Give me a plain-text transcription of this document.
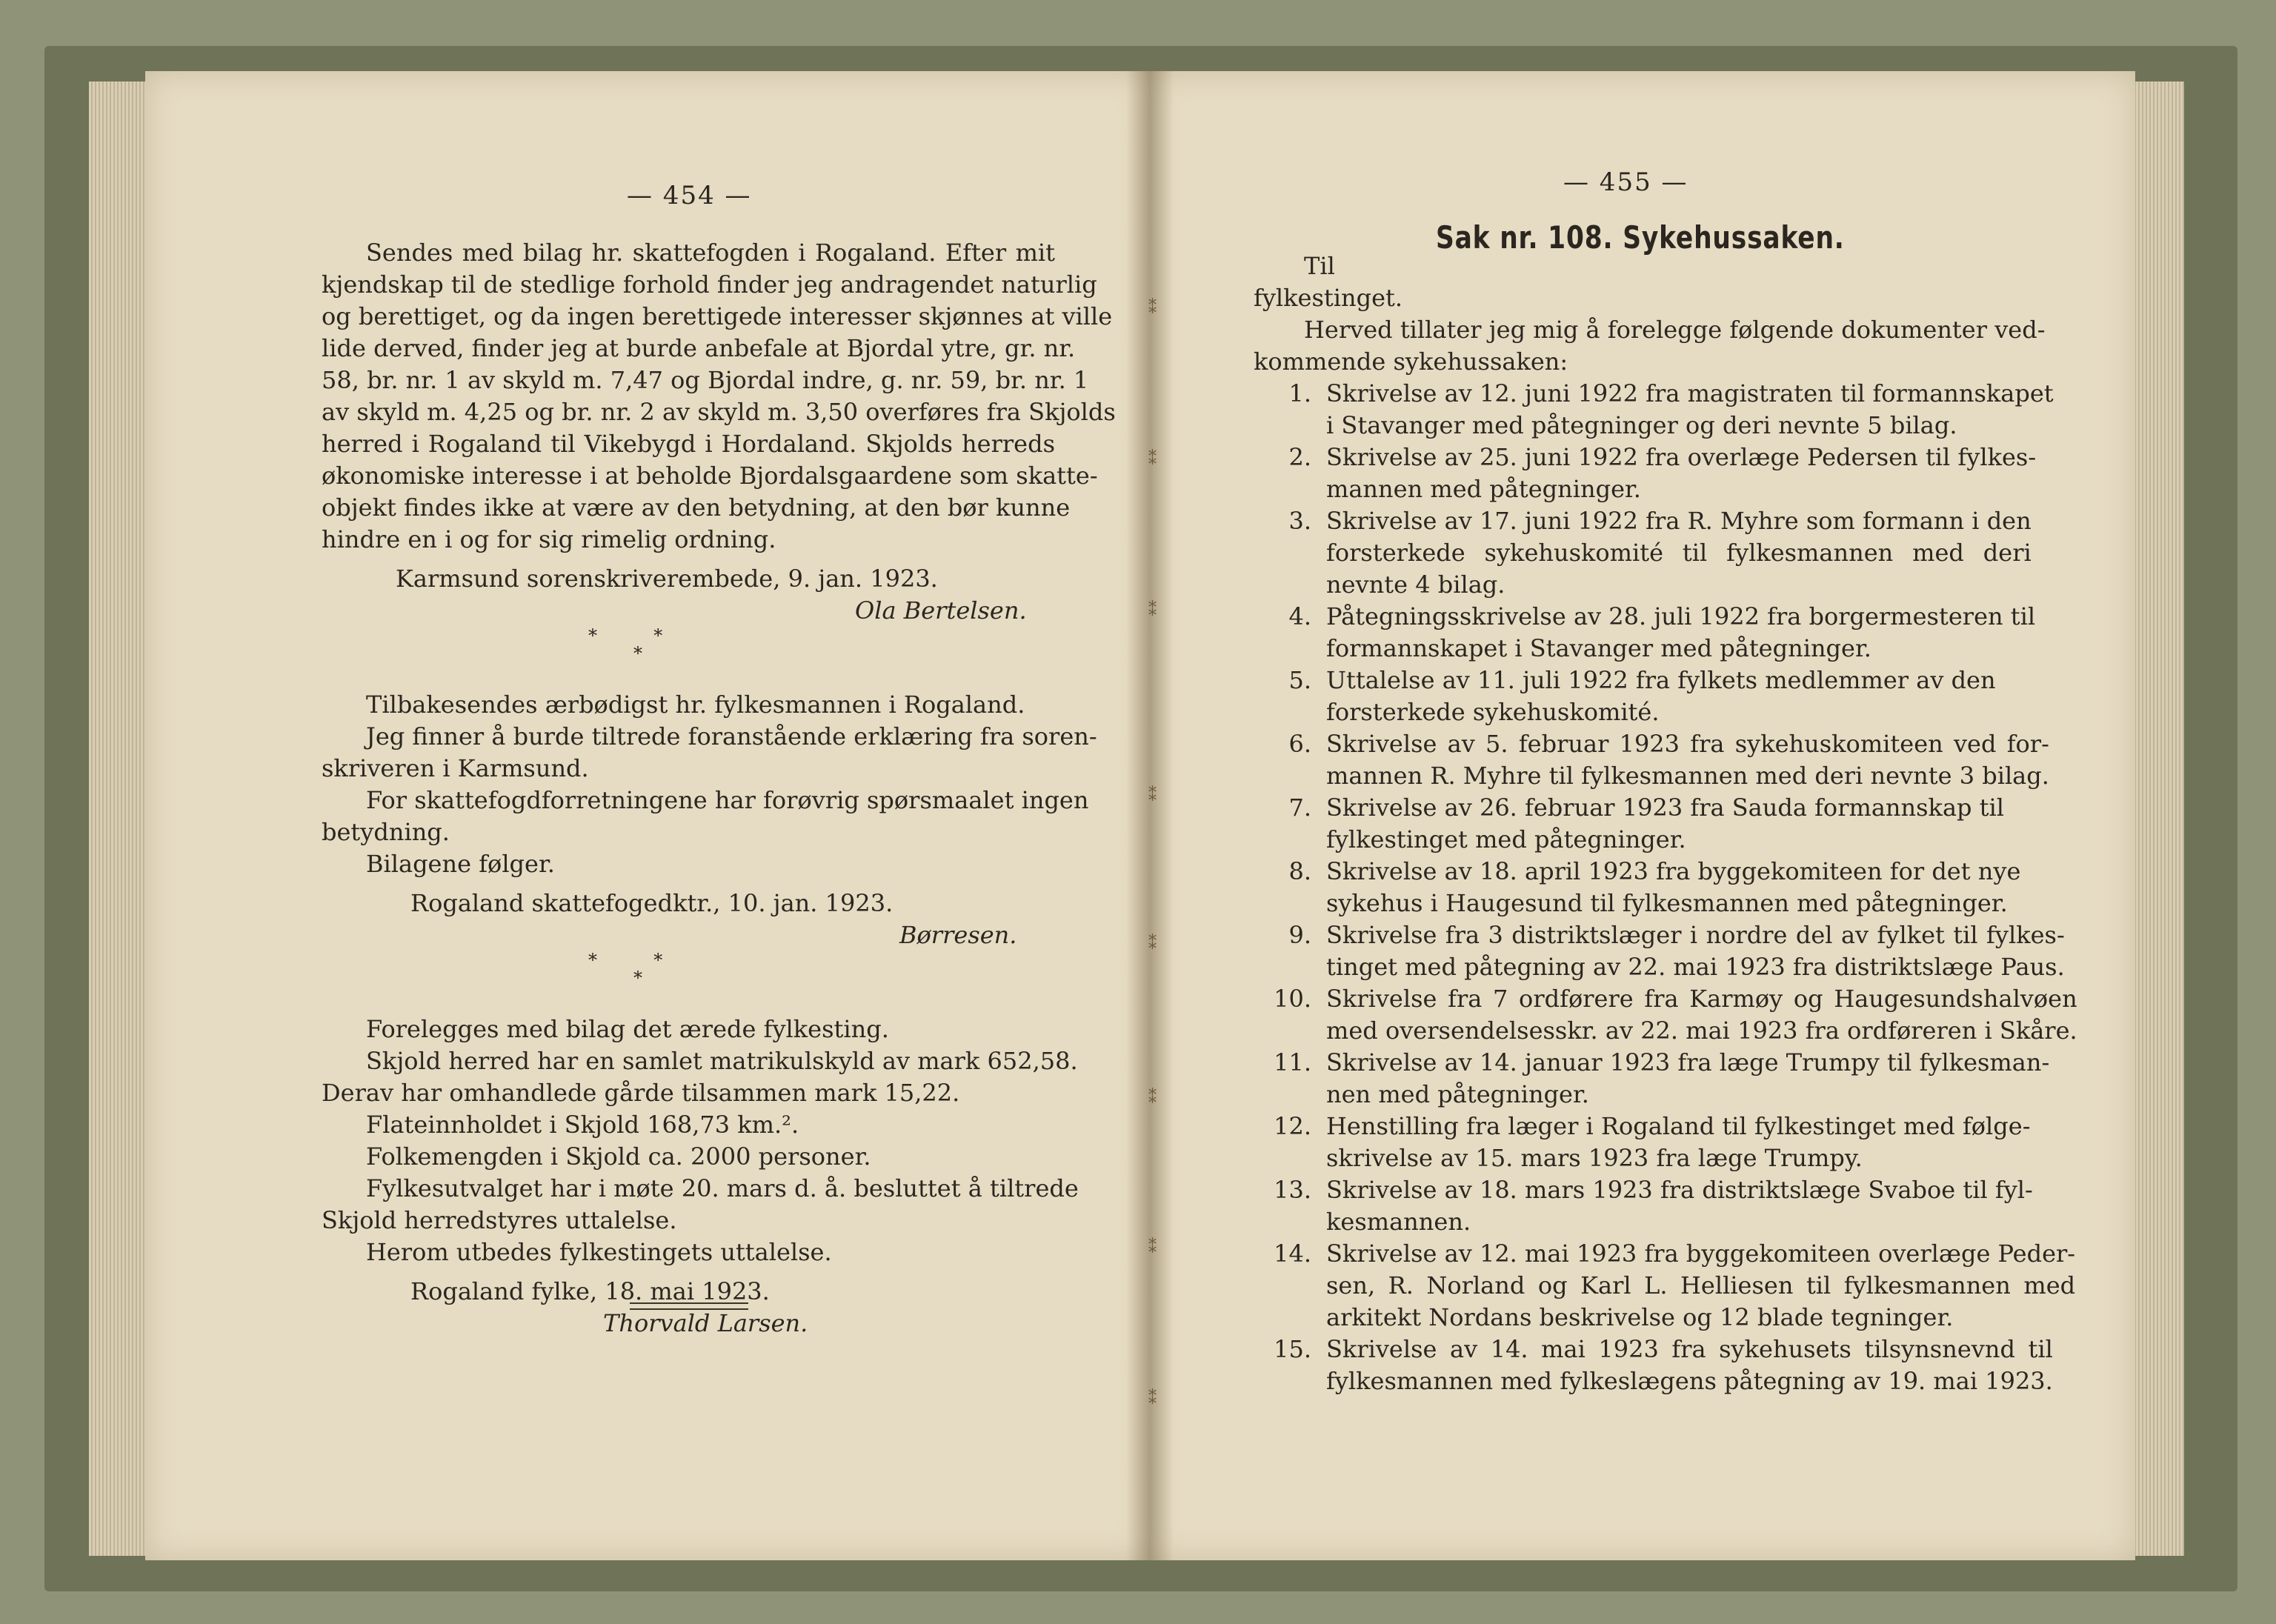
— 454 —
Sendes med bilag hr. skattefogden i Rogaland. Efter mit
kjendskap til de stedlige forhold finder jeg andragendet naturlig
og berettiget, og da ingen berettigede interesser skjønnes at ville
lide derved, finder jeg at burde anbefale at Bjordal ytre, gr. nr.
58, br. nr. 1 av skyld m. 7,47 og Bjordal indre, g. nr. 59, br. nr. 1
av skyld m. 4,25 og br. nr. 2 av skyld m. 3,50 overføres fra Skjolds
herred i Rogaland til Vikebygd i Hordaland. Skjolds herreds
økonomiske interesse i at beholde Bjordalsgaardene som skatte-
objekt findes ikke at være av den betydning, at den bør kunne
hindre en i og for sig rimelig ordning.
Karmsund sorenskriverembede, 9. jan. 1923.
Ola Bertelsen.
*          *
*
Tilbakesendes ærbødigst hr. fylkesmannen i Rogaland.
Jeg finner å burde tiltrede foranstående erklæring fra soren-
skriveren i Karmsund.
For skattefogdforretningene har forøvrig spørsmaalet ingen
betydning.
Bilagene følger.
Rogaland skattefogedktr., 10. jan. 1923.
Børresen.
*          *
*
Forelegges med bilag det ærede fylkesting.
Skjold herred har en samlet matrikulskyld av mark 652,58.
Derav har omhandlede gårde tilsammen mark 15,22.
Flateinnholdet i Skjold 168,73 km.².
Folkemengden i Skjold ca. 2000 personer.
Fylkesutvalget har i møte 20. mars d. å. besluttet å tiltrede
Skjold herredstyres uttalelse.
Herom utbedes fylkestingets uttalelse.
Rogaland fylke, 18. mai 1923.
Thorvald Larsen.
— 455 —
Sak nr. 108. Sykehussaken.
Til
fylkestinget.
Herved tillater jeg mig å forelegge følgende dokumenter ved-
kommende sykehussaken:
1. Skrivelse av 12. juni 1922 fra magistraten til formannskapet
i Stavanger med påtegninger og deri nevnte 5 bilag.
2. Skrivelse av 25. juni 1922 fra overlæge Pedersen til fylkes-
mannen med påtegninger.
3. Skrivelse av 17. juni 1922 fra R. Myhre som formann i den
forsterkede sykehuskomité til fylkesmannen med deri
nevnte 4 bilag.
4. Påtegningsskrivelse av 28. juli 1922 fra borgermesteren til
formannskapet i Stavanger med påtegninger.
5. Uttalelse av 11. juli 1922 fra fylkets medlemmer av den
forsterkede sykehuskomité.
6. Skrivelse av 5. februar 1923 fra sykehuskomiteen ved for-
mannen R. Myhre til fylkesmannen med deri nevnte 3 bilag.
7. Skrivelse av 26. februar 1923 fra Sauda formannskap til
fylkestinget med påtegninger.
8. Skrivelse av 18. april 1923 fra byggekomiteen for det nye
sykehus i Haugesund til fylkesmannen med påtegninger.
9. Skrivelse fra 3 distriktslæger i nordre del av fylket til fylkes-
tinget med påtegning av 22. mai 1923 fra distriktslæge Paus.
10. Skrivelse fra 7 ordførere fra Karmøy og Haugesundshalvøen
med oversendelsesskr. av 22. mai 1923 fra ordføreren i Skåre.
11. Skrivelse av 14. januar 1923 fra læge Trumpy til fylkesman-
nen med påtegninger.
12. Henstilling fra læger i Rogaland til fylkestinget med følge-
skrivelse av 15. mars 1923 fra læge Trumpy.
13. Skrivelse av 18. mars 1923 fra distriktslæge Svaboe til fyl-
kesmannen.
14. Skrivelse av 12. mai 1923 fra byggekomiteen overlæge Peder-
sen, R. Norland og Karl L. Helliesen til fylkesmannen med
arkitekt Nordans beskrivelse og 12 blade tegninger.
15. Skrivelse av 14. mai 1923 fra sykehusets tilsynsnevnd til
fylkesmannen med fylkeslægens påtegning av 19. mai 1923.
